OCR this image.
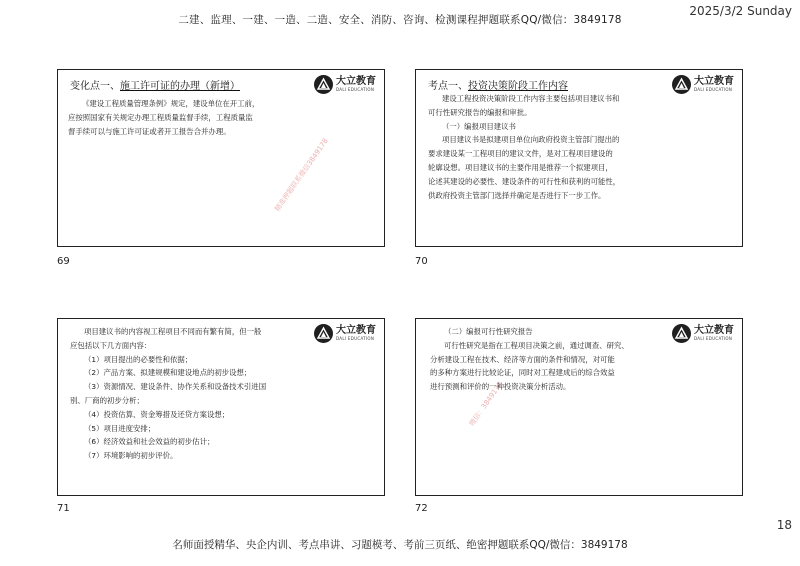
二建、监理、一建、一造、二造、安全、消防、咨询、检测课程押题联系QQ/微信：3849178
2025/3/2 Sunday
变化点一、施工许可证的办理（新增）	大立教育
DALI EDUCATION

《建设工程质量管理条例》规定，建设单位在开工前，

应按照国家有关规定办理工程质量监督手续，工程质量监

督手续可以与施工许可证或者开工报告合并办理。

精准押题联系微信3849178
69
考点一、投资决策阶段工作内容	大立教育
DALI EDUCATION

建设工程投资决策阶段工作内容主要包括项目建议书和

可行性研究报告的编报和审批。

（一）编报项目建议书

项目建议书是拟建项目单位向政府投资主管部门提出的

要求建设某一工程项目的建议文件，是对工程项目建设的

轮廓设想。项目建议书的主要作用是推荐一个拟建项目，

论述其建设的必要性、建设条件的可行性和获利的可能性，

供政府投资主管部门选择并确定是否进行下一步工作。

70
大立教育
DALI EDUCATION

项目建议书的内容视工程项目不同而有繁有简，但一般

应包括以下几方面内容：

（1）项目提出的必要性和依据；

（2）产品方案、拟建规模和建设地点的初步设想；

（3）资源情况、建设条件、协作关系和设备技术引进国

别、厂商的初步分析；

（4）投资估算、资金筹措及还贷方案设想；

（5）项目进度安排；

（6）经济效益和社会效益的初步估计；

（7）环境影响的初步评价。

71
大立教育
DALI EDUCATION

（二）编报可行性研究报告

可行性研究是指在工程项目决策之前，通过调查、研究、

分析建设工程在技术、经济等方面的条件和情况，对可能

的多种方案进行比较论证，同时对工程建成后的综合效益

进行预测和评价的一种投资决策分析活动。

微信：3849178
72
18
名师面授精华、央企内训、考点串讲、习题模考、考前三页纸、绝密押题联系QQ/微信：3849178
